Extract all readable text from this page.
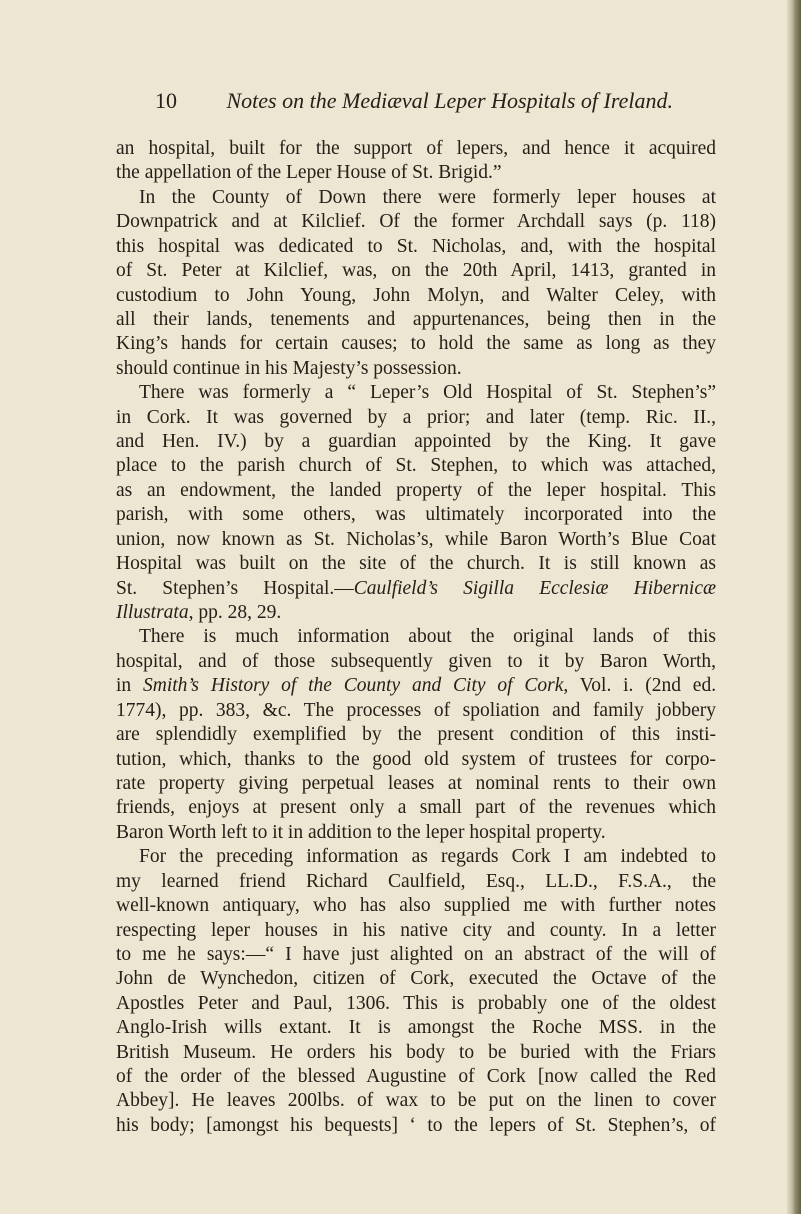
10 Notes on the Mediæval Leper Hospitals of Ireland.
an hospital, built for the support of lepers, and hence it acquired
the appellation of the Leper House of St. Brigid.”
In the County of Down there were formerly leper houses at
Downpatrick and at Kilclief. Of the former Archdall says (p. 118)
this hospital was dedicated to St. Nicholas, and, with the hospital
of St. Peter at Kilclief, was, on the 20th April, 1413, granted in
custodium to John Young, John Molyn, and Walter Celey, with
all their lands, tenements and appurtenances, being then in the
King’s hands for certain causes; to hold the same as long as they
should continue in his Majesty’s possession.
There was formerly a “ Leper’s Old Hospital of St. Stephen’s”
in Cork. It was governed by a prior; and later (temp. Ric. II.,
and Hen. IV.) by a guardian appointed by the King. It gave
place to the parish church of St. Stephen, to which was attached,
as an endowment, the landed property of the leper hospital. This
parish, with some others, was ultimately incorporated into the
union, now known as St. Nicholas’s, while Baron Worth’s Blue Coat
Hospital was built on the site of the church. It is still known as
St. Stephen’s Hospital.—Caulfield’s Sigilla Ecclesiæ Hibernicæ
Illustrata, pp. 28, 29.
There is much information about the original lands of this
hospital, and of those subsequently given to it by Baron Worth,
in Smith’s History of the County and City of Cork, Vol. i. (2nd ed.
1774), pp. 383, &c. The processes of spoliation and family jobbery
are splendidly exemplified by the present condition of this insti-
tution, which, thanks to the good old system of trustees for corpo-
rate property giving perpetual leases at nominal rents to their own
friends, enjoys at present only a small part of the revenues which
Baron Worth left to it in addition to the leper hospital property.
For the preceding information as regards Cork I am indebted to
my learned friend Richard Caulfield, Esq., LL.D., F.S.A., the
well-known antiquary, who has also supplied me with further notes
respecting leper houses in his native city and county. In a letter
to me he says:—“ I have just alighted on an abstract of the will of
John de Wynchedon, citizen of Cork, executed the Octave of the
Apostles Peter and Paul, 1306. This is probably one of the oldest
Anglo-Irish wills extant. It is amongst the Roche MSS. in the
British Museum. He orders his body to be buried with the Friars
of the order of the blessed Augustine of Cork [now called the Red
Abbey]. He leaves 200lbs. of wax to be put on the linen to cover
his body; [amongst his bequests] ‘ to the lepers of St. Stephen’s, of
